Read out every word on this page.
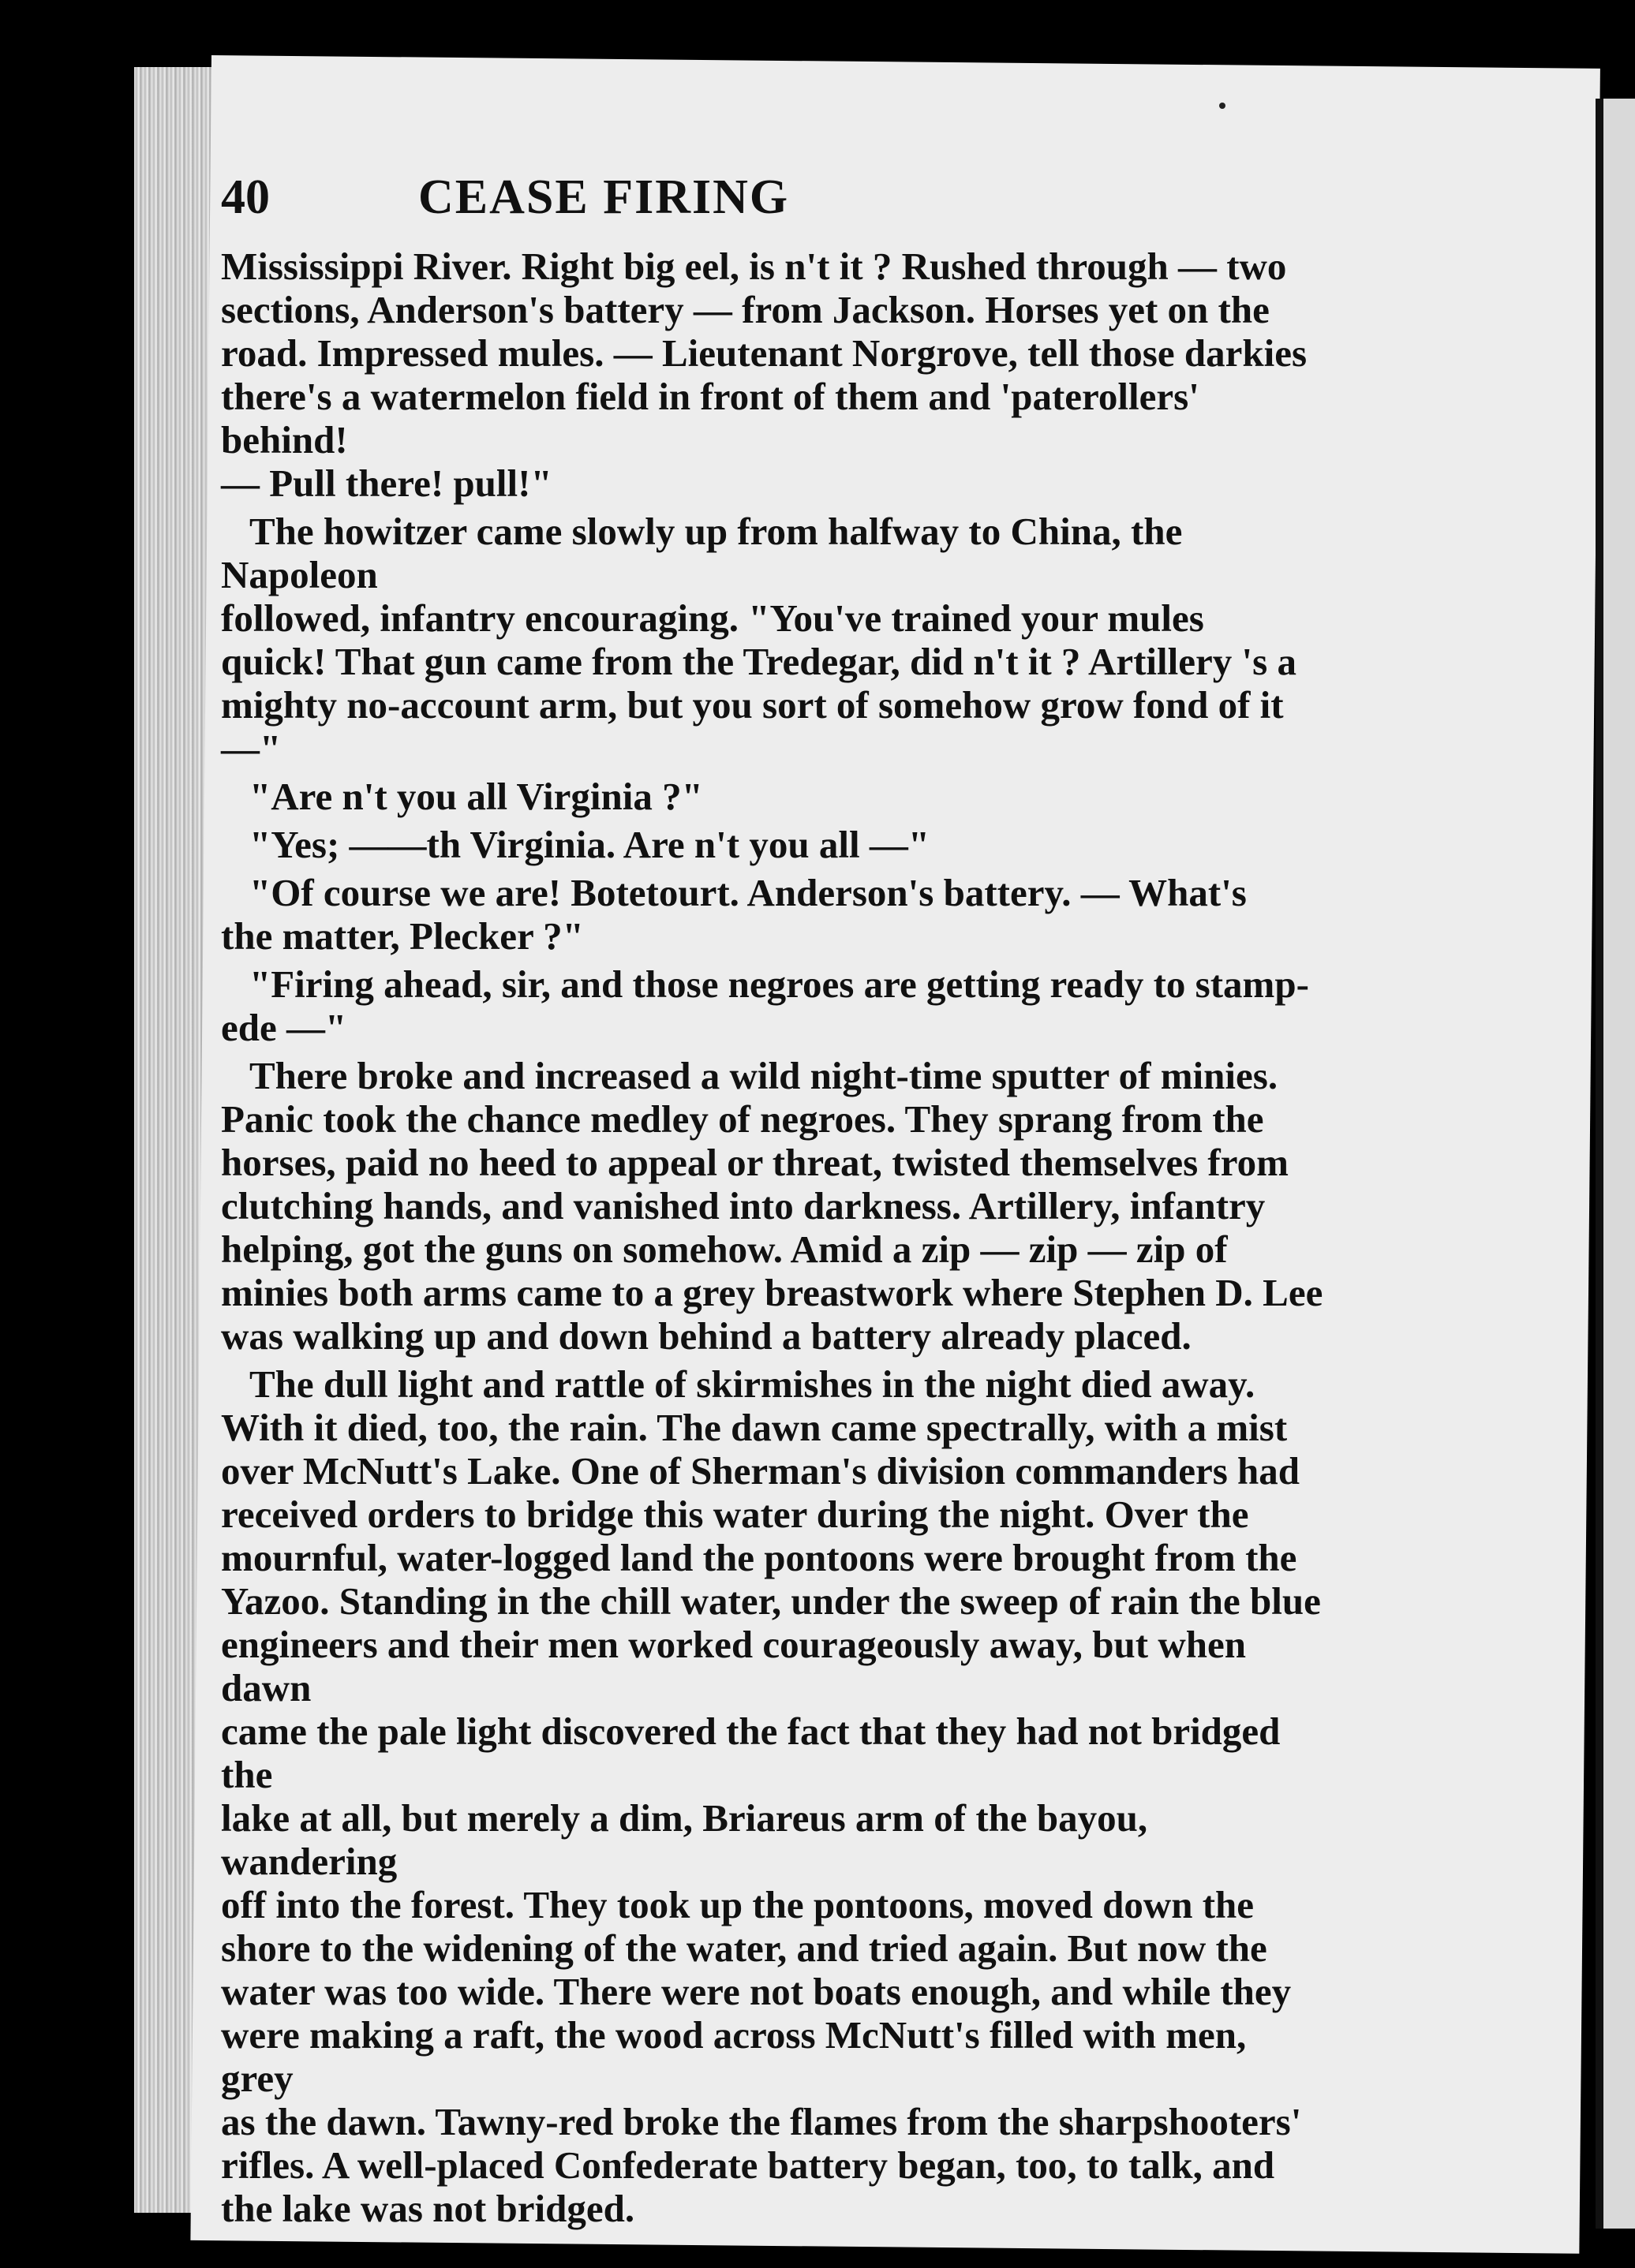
40	CEASE FIRING

Mississippi River. Right big eel, is n't it ? Rushed through — two
sections, Anderson's battery — from Jackson. Horses yet on the
road. Impressed mules. — Lieutenant Norgrove, tell those darkies
there's a watermelon field in front of them and 'paterollers' behind!
— Pull there! pull!"

The howitzer came slowly up from halfway to China, the Napoleon
followed, infantry encouraging. "You've trained your mules
quick! That gun came from the Tredegar, did n't it ? Artillery 's a
mighty no-account arm, but you sort of somehow grow fond of it —"

"Are n't you all Virginia ?"

"Yes; ——th Virginia. Are n't you all —"

"Of course we are! Botetourt. Anderson's battery. — What's
the matter, Plecker ?"

"Firing ahead, sir, and those negroes are getting ready to stamp-
ede —"

There broke and increased a wild night-time sputter of minies.
Panic took the chance medley of negroes. They sprang from the
horses, paid no heed to appeal or threat, twisted themselves from
clutching hands, and vanished into darkness. Artillery, infantry
helping, got the guns on somehow. Amid a zip — zip — zip of
minies both arms came to a grey breastwork where Stephen D. Lee
was walking up and down behind a battery already placed.

The dull light and rattle of skirmishes in the night died away.
With it died, too, the rain. The dawn came spectrally, with a mist
over McNutt's Lake. One of Sherman's division commanders had
received orders to bridge this water during the night. Over the
mournful, water-logged land the pontoons were brought from the
Yazoo. Standing in the chill water, under the sweep of rain the blue
engineers and their men worked courageously away, but when dawn
came the pale light discovered the fact that they had not bridged the
lake at all, but merely a dim, Briareus arm of the bayou, wandering
off into the forest. They took up the pontoons, moved down the
shore to the widening of the water, and tried again. But now the
water was too wide. There were not boats enough, and while they
were making a raft, the wood across McNutt's filled with men, grey
as the dawn. Tawny-red broke the flames from the sharpshooters'
rifles. A well-placed Confederate battery began, too, to talk, and
the lake was not bridged.
